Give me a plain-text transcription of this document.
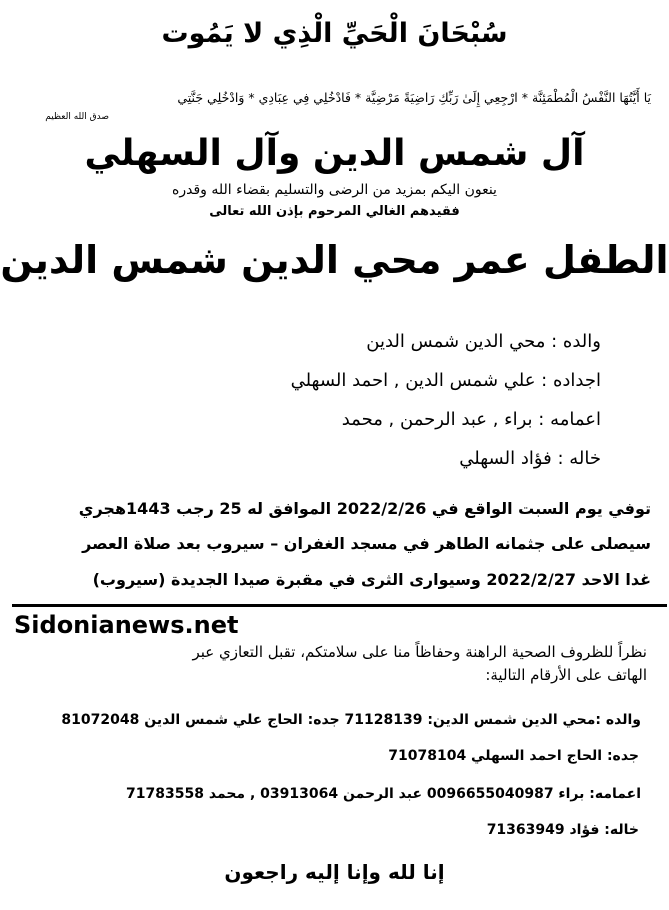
سُبْحَانَ الْحَيِّ الْذِي لا يَمُوت
يَا أَيَّتُهَا النَّفْسُ الْمُطْمَئِنَّة * ارْجِعِي إِلَىٰ رَبِّكِ رَاضِيَةً مَرْضِيَّة * فَادْخُلِي فِي عِبَادِي * وَادْخُلِي جَنَّتِي
صدق الله العظيم
آل شمس الدين وآل السهلي
ينعون اليكم بمزيد من الرضى والتسليم بقضاء الله وقدره
فقيدهم الغالي المرحوم بإذن الله تعالى
الطفل عمر محي الدين شمس الدين
والده : محي الدين شمس الدين
اجداده : علي شمس الدين , احمد السهلي
اعمامه : براء , عبد الرحمن , محمد
خاله : فؤاد السهلي
توفي يوم السبت الواقع في 2022/2/26 الموافق له 25 رجب 1443هجري
سيصلى على جثمانه الطاهر في مسجد الغفران – سيروب بعد صلاة العصر
غدا الاحد 2022/2/27 وسيوارى الثرى في مقبرة صيدا الجديدة (سيروب)
Sidonianews.net
نظراً للظروف الصحية الراهنة وحفاظاً منا على سلامتكم، تقبل التعازي عبر
الهاتف على الأرقام التالية:
والده :محي الدين شمس الدين: 71128139 جده: الحاج علي شمس الدين 81072048
جده: الحاج احمد السهلي 71078104
اعمامه: براء 0096655040987 عبد الرحمن 03913064 , محمد 71783558
خاله: فؤاد 71363949
إنا لله وإنا إليه راجعون
